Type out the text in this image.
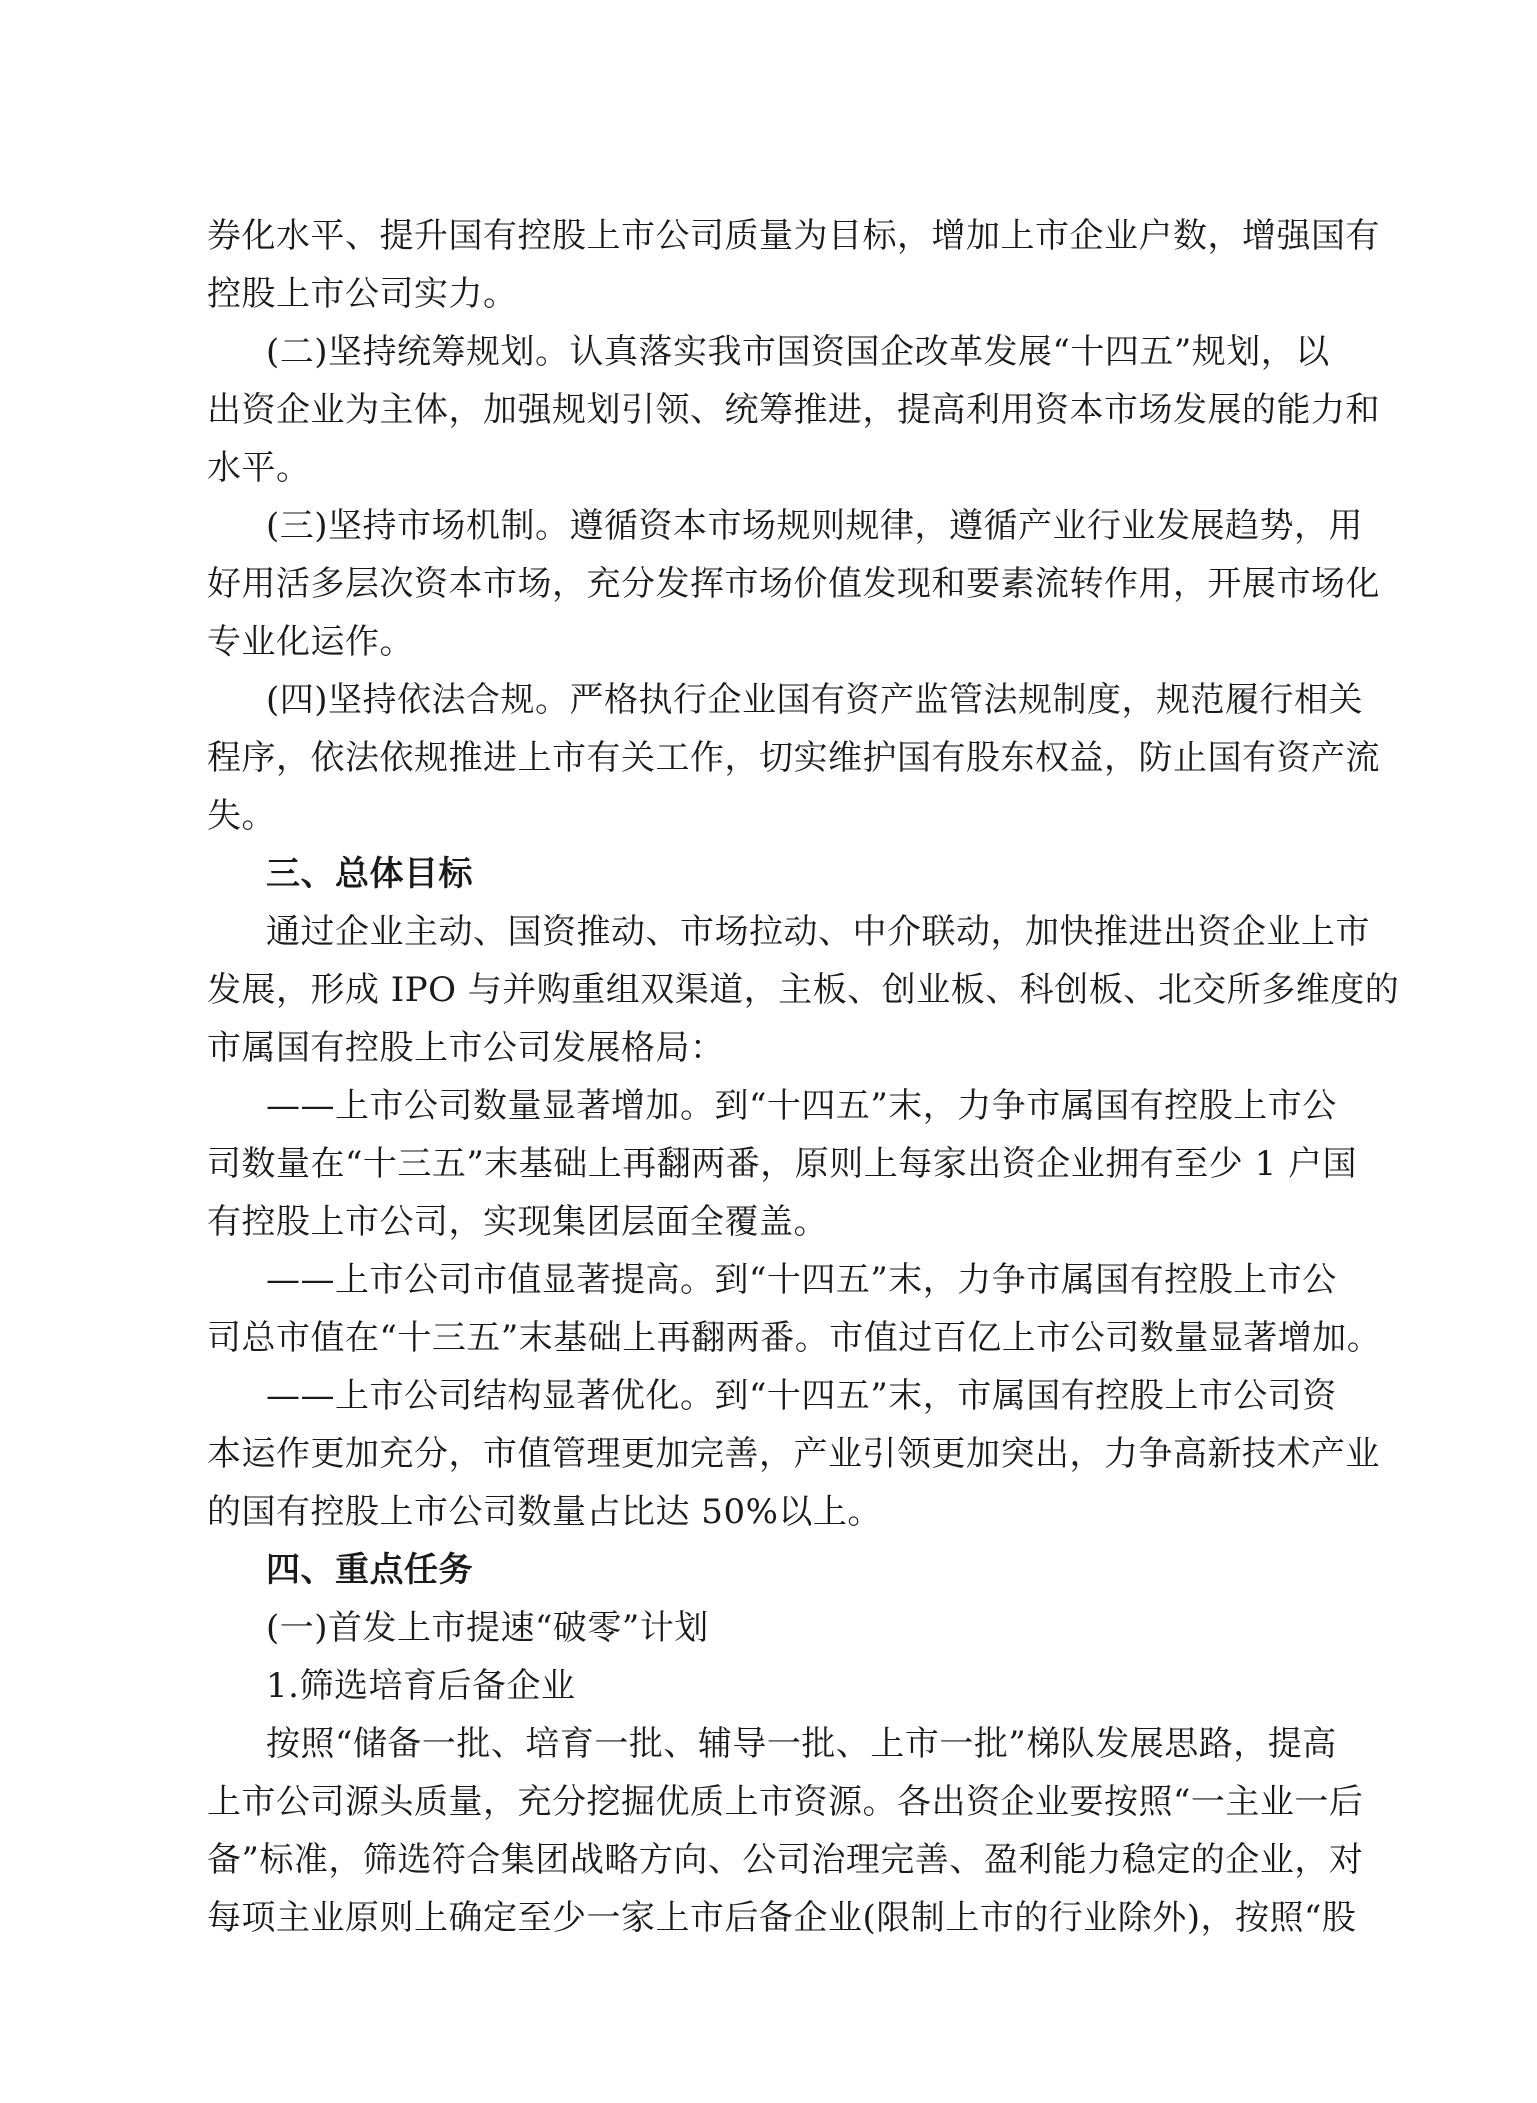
券化水平、提升国有控股上市公司质量为目标，增加上市企业户数，增强国有
控股上市公司实力。
(二)坚持统筹规划。认真落实我市国资国企改革发展“十四五”规划，以
出资企业为主体，加强规划引领、统筹推进，提高利用资本市场发展的能力和
水平。
(三)坚持市场机制。遵循资本市场规则规律，遵循产业行业发展趋势，用
好用活多层次资本市场，充分发挥市场价值发现和要素流转作用，开展市场化
专业化运作。
(四)坚持依法合规。严格执行企业国有资产监管法规制度，规范履行相关
程序，依法依规推进上市有关工作，切实维护国有股东权益，防止国有资产流
失。
三、总体目标
通过企业主动、国资推动、市场拉动、中介联动，加快推进出资企业上市
发展，形成 IPO 与并购重组双渠道，主板、创业板、科创板、北交所多维度的
市属国有控股上市公司发展格局：
——上市公司数量显著增加。到“十四五”末，力争市属国有控股上市公
司数量在“十三五”末基础上再翻两番，原则上每家出资企业拥有至少 1 户国
有控股上市公司，实现集团层面全覆盖。
——上市公司市值显著提高。到“十四五”末，力争市属国有控股上市公
司总市值在“十三五”末基础上再翻两番。市值过百亿上市公司数量显著增加。
——上市公司结构显著优化。到“十四五”末，市属国有控股上市公司资
本运作更加充分，市值管理更加完善，产业引领更加突出，力争高新技术产业
的国有控股上市公司数量占比达 50%以上。
四、重点任务
(一)首发上市提速“破零”计划
1.筛选培育后备企业
按照“储备一批、培育一批、辅导一批、上市一批”梯队发展思路，提高
上市公司源头质量，充分挖掘优质上市资源。各出资企业要按照“一主业一后
备”标准，筛选符合集团战略方向、公司治理完善、盈利能力稳定的企业，对
每项主业原则上确定至少一家上市后备企业(限制上市的行业除外)，按照“股
